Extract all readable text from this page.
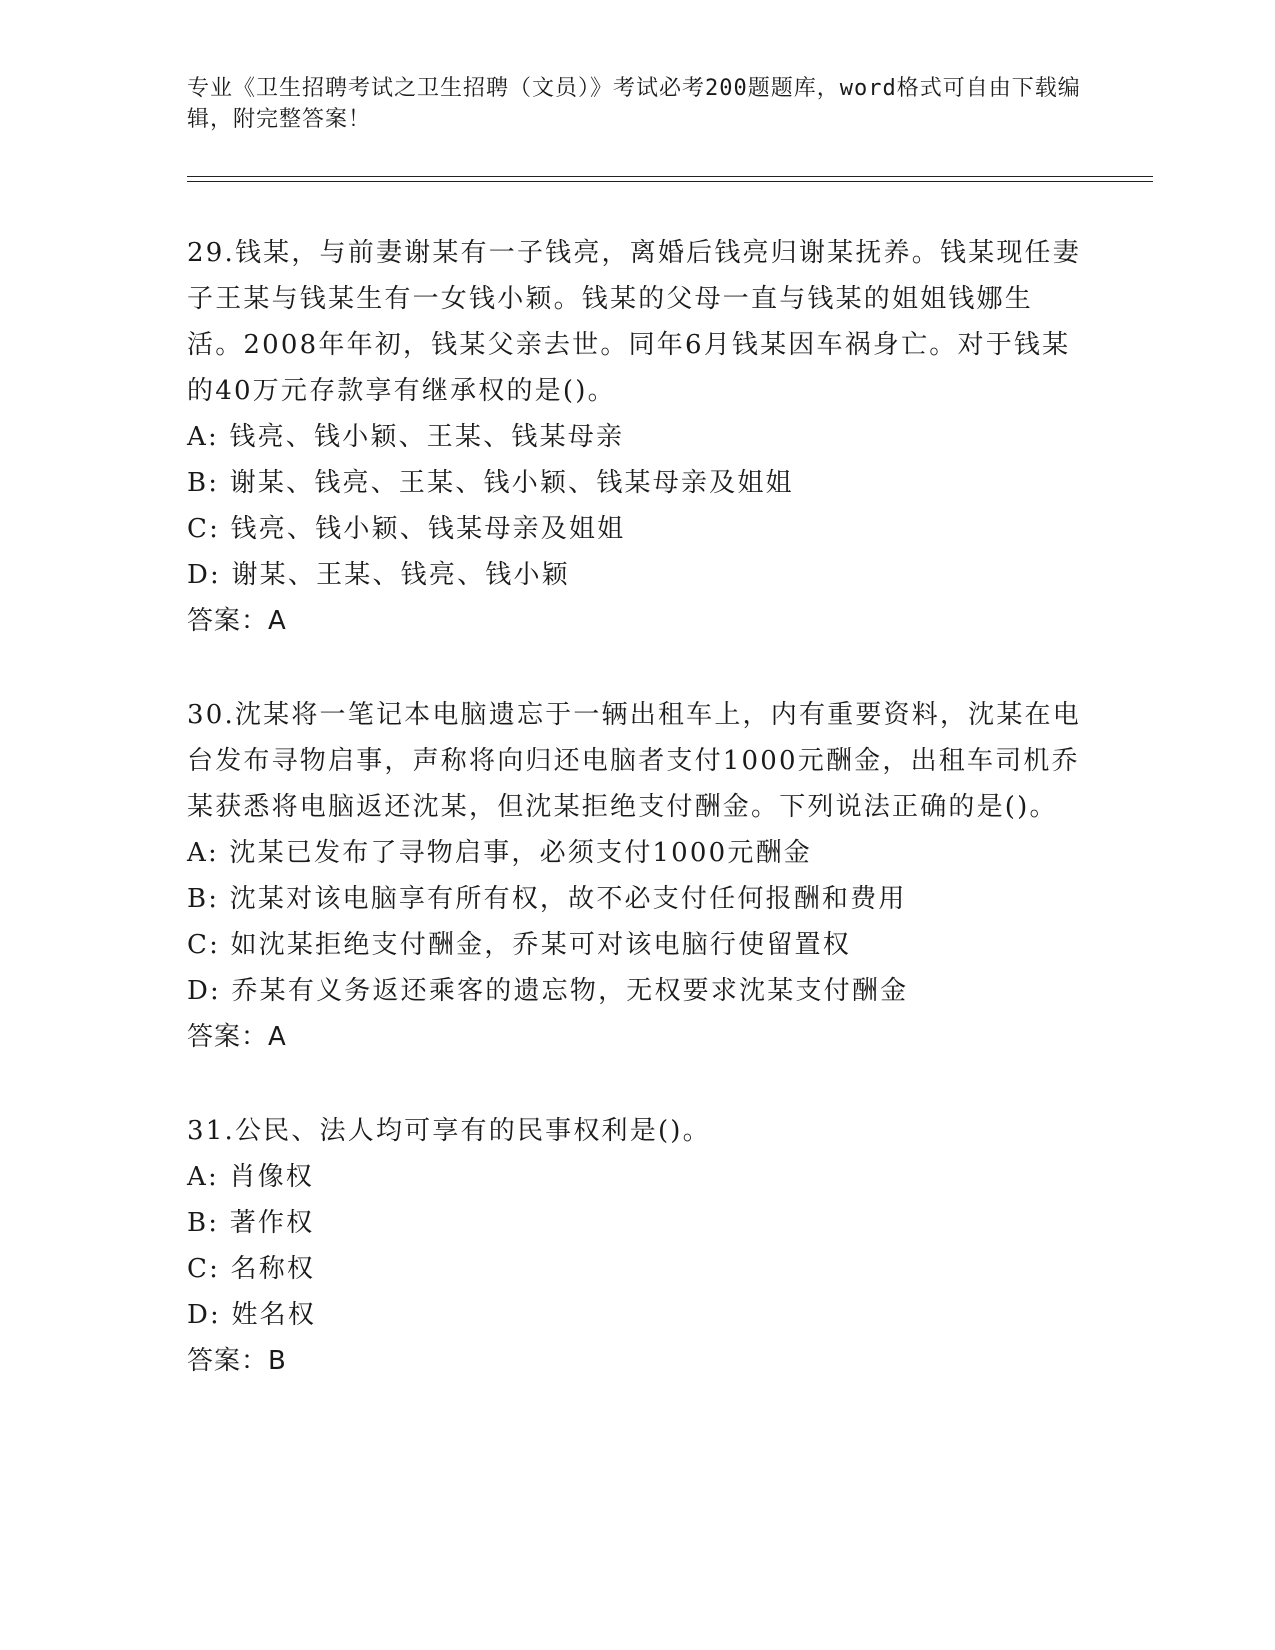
专业《卫生招聘考试之卫生招聘（文员）》考试必考200题题库，word格式可自由下载编辑，附完整答案！
29.钱某，与前妻谢某有一子钱亮，离婚后钱亮归谢某抚养。钱某现任妻子王某与钱某生有一女钱小颖。钱某的父母一直与钱某的姐姐钱娜生活。2008年年初，钱某父亲去世。同年6月钱某因车祸身亡。对于钱某的40万元存款享有继承权的是()。
A: 钱亮、钱小颖、王某、钱某母亲
B: 谢某、钱亮、王某、钱小颖、钱某母亲及姐姐
C: 钱亮、钱小颖、钱某母亲及姐姐
D: 谢某、王某、钱亮、钱小颖
答案：A
30.沈某将一笔记本电脑遗忘于一辆出租车上，内有重要资料，沈某在电台发布寻物启事，声称将向归还电脑者支付1000元酬金，出租车司机乔某获悉将电脑返还沈某，但沈某拒绝支付酬金。下列说法正确的是()。
A: 沈某已发布了寻物启事，必须支付1000元酬金
B: 沈某对该电脑享有所有权，故不必支付任何报酬和费用
C: 如沈某拒绝支付酬金，乔某可对该电脑行使留置权
D: 乔某有义务返还乘客的遗忘物，无权要求沈某支付酬金
答案：A
31.公民、法人均可享有的民事权利是()。
A: 肖像权
B: 著作权
C: 名称权
D: 姓名权
答案：B
